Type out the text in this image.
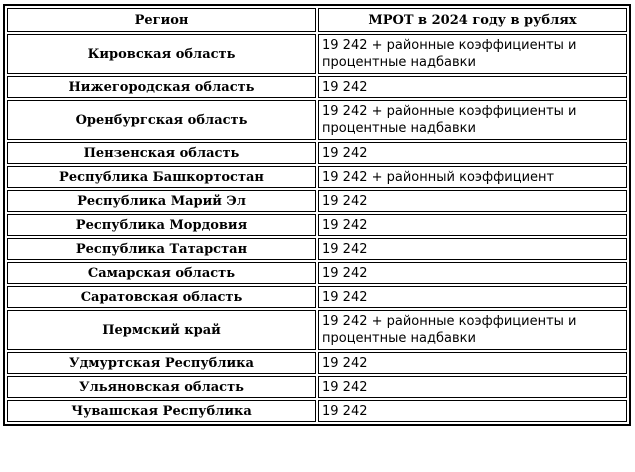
Регион	МРОТ в 2024 году в рублях
Кировская область	19 242 + районные коэффициенты и процентные надбавки
Нижегородская область	19 242
Оренбургская область	19 242 + районные коэффициенты и процентные надбавки
Пензенская область	19 242
Республика Башкортостан	19 242 + районный коэффициент
Республика Марий Эл	19 242
Республика Мордовия	19 242
Республика Татарстан	19 242
Самарская область	19 242
Саратовская область	19 242
Пермский край	19 242 + районные коэффициенты и процентные надбавки
Удмуртская Республика	19 242
Ульяновская область	19 242
Чувашская Республика	19 242
